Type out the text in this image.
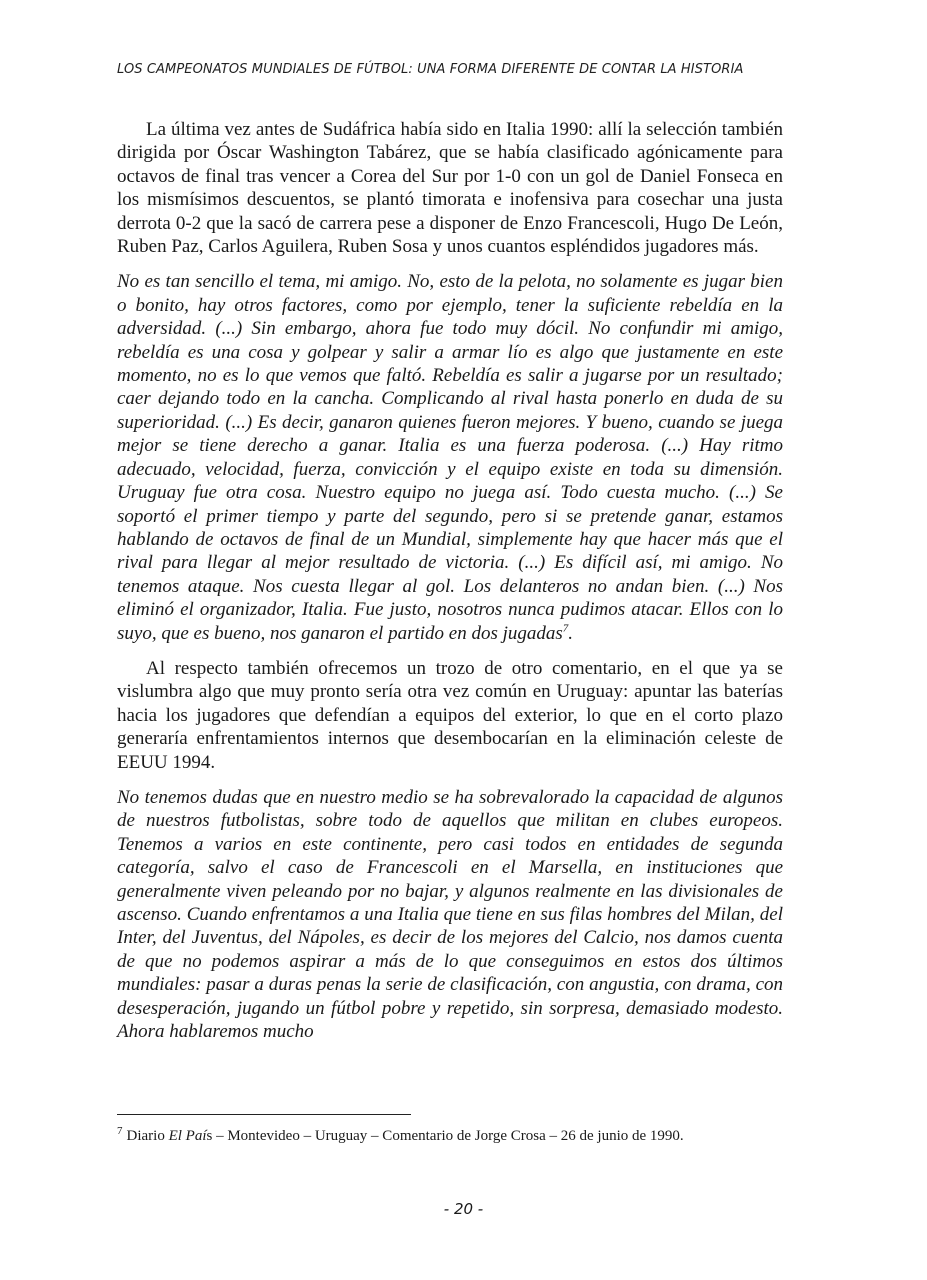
LOS CAMPEONATOS MUNDIALES DE FÚTBOL: UNA FORMA DIFERENTE DE CONTAR LA HISTORIA

La última vez antes de Sudáfrica había sido en Italia 1990: allí la selección también dirigida por Óscar Washington Tabárez, que se había clasificado agónicamente para octavos de final tras vencer a Corea del Sur por 1-0 con un gol de Daniel Fonseca en los mismísimos descuentos, se plantó timorata e inofensiva para cosechar una justa derrota 0-2 que la sacó de carrera pese a disponer de Enzo Francescoli, Hugo De León, Ruben Paz, Carlos Aguilera, Ruben Sosa y unos cuantos espléndidos jugadores más.

No es tan sencillo el tema, mi amigo. No, esto de la pelota, no solamente es jugar bien o bonito, hay otros factores, como por ejemplo, tener la suficiente rebeldía en la adversidad. (...) Sin embargo, ahora fue todo muy dócil. No confundir mi amigo, rebeldía es una cosa y golpear y salir a armar lío es algo que justamente en este momento, no es lo que vemos que faltó. Rebeldía es salir a jugarse por un resultado; caer dejando todo en la cancha. Complicando al rival hasta ponerlo en duda de su superioridad. (...) Es decir, ganaron quienes fueron mejores. Y bueno, cuando se juega mejor se tiene derecho a ganar. Italia es una fuerza poderosa. (...) Hay ritmo adecuado, velocidad, fuerza, convicción y el equipo existe en toda su dimensión. Uruguay fue otra cosa. Nuestro equipo no juega así. Todo cuesta mucho. (...) Se soportó el primer tiempo y parte del segundo, pero si se pretende ganar, estamos hablando de octavos de final de un Mundial, simplemente hay que hacer más que el rival para llegar al mejor resultado de victoria. (...) Es difícil así, mi amigo. No tenemos ataque. Nos cuesta llegar al gol. Los delanteros no andan bien. (...) Nos eliminó el organizador, Italia. Fue justo, nosotros nunca pudimos atacar. Ellos con lo suyo, que es bueno, nos ganaron el partido en dos jugadas$^7$.

Al respecto también ofrecemos un trozo de otro comentario, en el que ya se vislumbra algo que muy pronto sería otra vez común en Uruguay: apuntar las baterías hacia los jugadores que defendían a equipos del exterior, lo que en el corto plazo generaría enfrentamientos internos que desembocarían en la eliminación celeste de EEUU 1994.

No tenemos dudas que en nuestro medio se ha sobrevalorado la capacidad de algunos de nuestros futbolistas, sobre todo de aquellos que militan en clubes europeos. Tenemos a varios en este continente, pero casi todos en entidades de segunda categoría, salvo el caso de Francescoli en el Marsella, en instituciones que generalmente viven peleando por no bajar, y algunos realmente en las divisionales de ascenso. Cuando enfrentamos a una Italia que tiene en sus filas hombres del Milan, del Inter, del Juventus, del Nápoles, es decir de los mejores del Calcio, nos damos cuenta de que no podemos aspirar a más de lo que conseguimos en estos dos últimos mundiales: pasar a duras penas la serie de clasificación, con angustia, con drama, con desesperación, jugando un fútbol pobre y repetido, sin sorpresa, demasiado modesto. Ahora hablaremos mucho

$^7$ Diario El País – Montevideo – Uruguay – Comentario de Jorge Crosa – 26 de junio de 1990.
- 20 -
